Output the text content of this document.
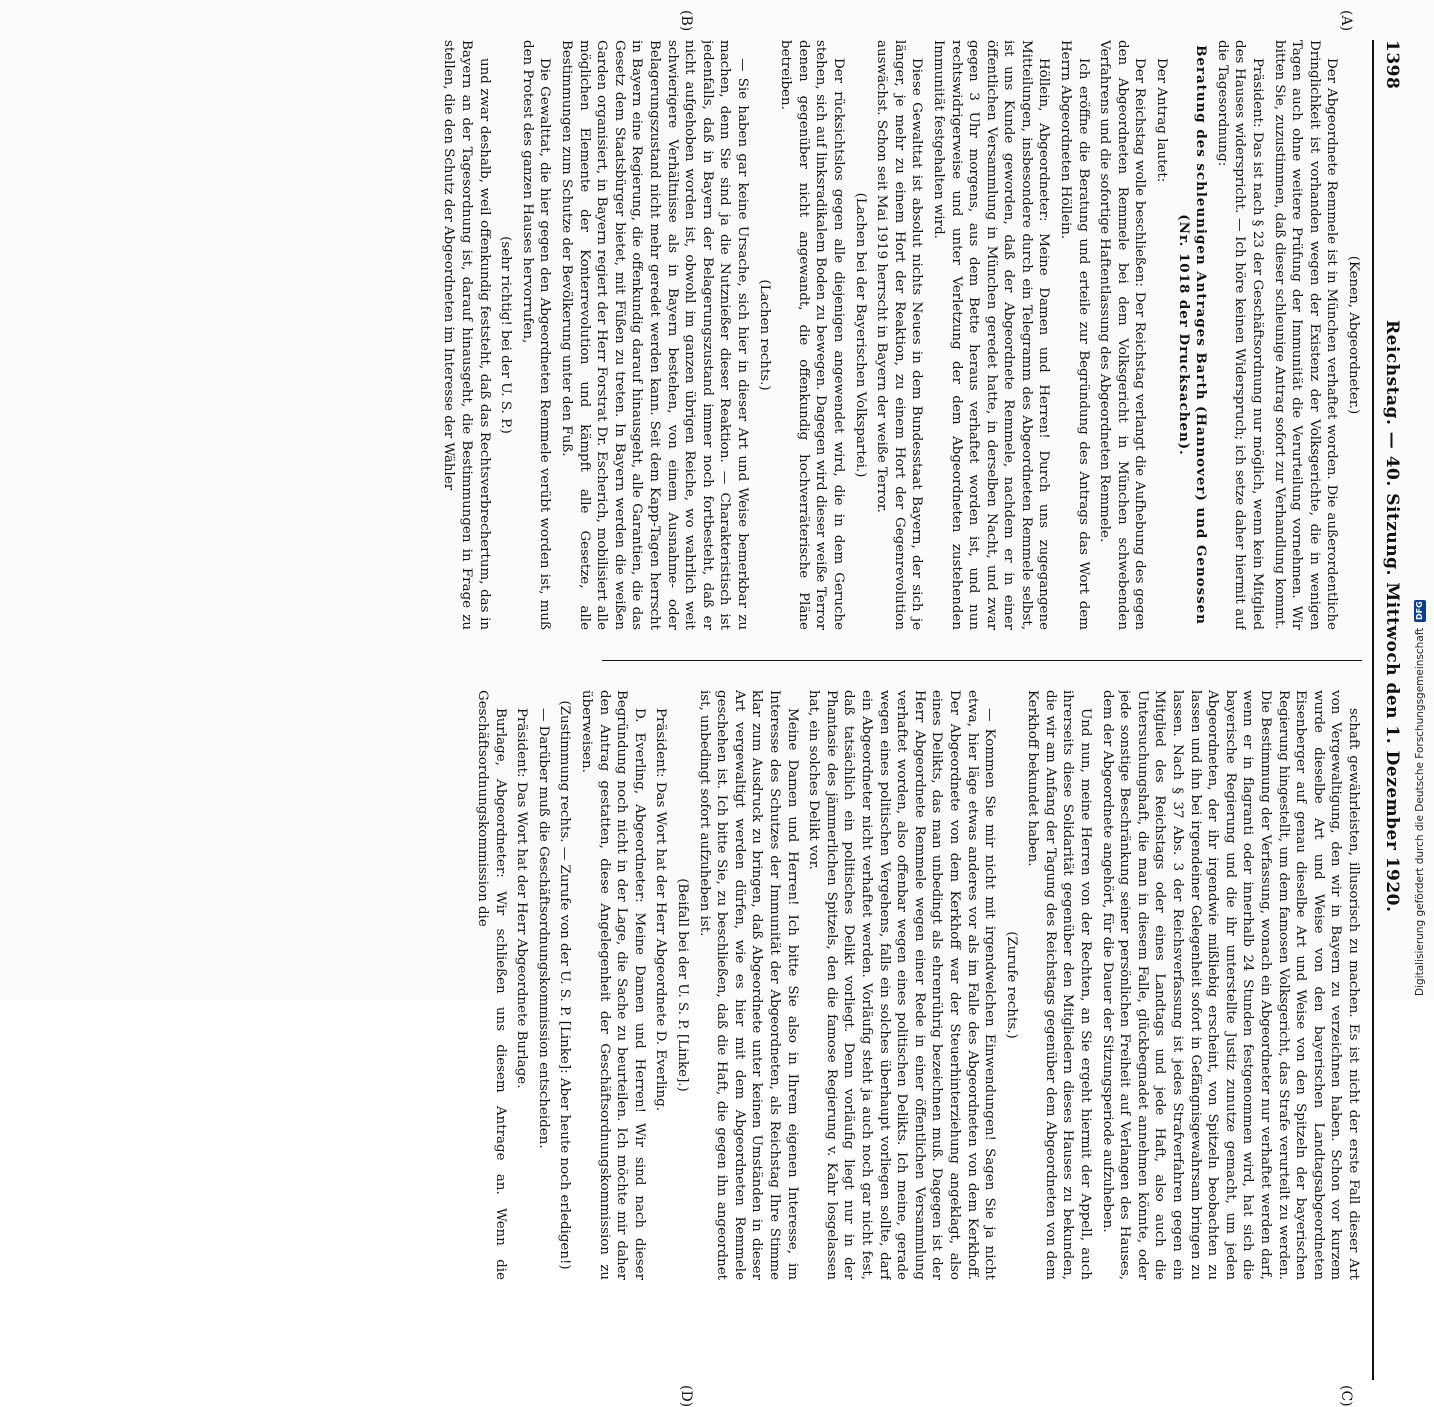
1398
Reichstag. — 40. Sitzung. Mittwoch den 1. Dezember 1920.
(A)
(B)
(C)
(D)

(Kenen, Abgeordneter.)

Der Abgeordnete Remmele ist in München verhaftet worden. Die außerordentliche Dringlichkeit ist vorhanden wegen der Existenz der Volksgerichte, die in wenigen Tagen auch ohne weitere Prüfung der Immunität die Verurteilung vornehmen. Wir bitten Sie, zuzustimmen, daß dieser schleunige Antrag sofort zur Verhandlung kommt.

Präsident: Das ist nach § 23 der Geschäftsordnung nur möglich, wenn kein Mitglied des Hauses widerspricht. — Ich höre keinen Widerspruch; ich setze daher hiermit auf die Tagesordnung:

Beratung des schleunigen Antrages Barth (Hannover) und Genossen (Nr. 1018 der Drucksachen).

Der Antrag lautet:

Der Reichstag wolle beschließen: Der Reichstag verlangt die Aufhebung des gegen den Abgeordneten Remmele bei dem Volksgericht in München schwebenden Verfahrens und die sofortige Haftentlassung des Abgeordneten Remmele.

Ich eröffne die Beratung und erteile zur Begründung des Antrags das Wort dem Herrn Abgeordneten Höllein.

Höllein, Abgeordneter: Meine Damen und Herren! Durch uns zugegangene Mitteilungen, insbesondere durch ein Telegramm des Abgeordneten Remmele selbst, ist uns Kunde geworden, daß der Abgeordnete Remmele, nachdem er in einer öffentlichen Versammlung in München geredet hatte, in derselben Nacht, und zwar gegen 3 Uhr morgens, aus dem Bette heraus verhaftet worden ist, und nun rechtswidrigerweise und unter Verletzung der dem Abgeordneten zustehenden Immunität festgehalten wird.

Diese Gewalttat ist absolut nichts Neues in dem Bundesstaat Bayern, der sich je länger, je mehr zu einem Hort der Reaktion, zu einem Hort der Gegenrevolution auswächst. Schon seit Mai 1919 herrscht in Bayern der weiße Terror.

(Lachen bei der Bayerischen Volkspartei.)

Der rücksichtslos gegen alle diejenigen angewendet wird, die in dem Geruche stehen, sich auf linksradikalem Boden zu bewegen. Dagegen wird dieser weiße Terror denen gegenüber nicht angewandt, die offenkundig hochverräterische Pläne betreiben.

(Lachen rechts.)

— Sie haben gar keine Ursache, sich hier in dieser Art und Weise bemerkbar zu machen, denn Sie sind ja die Nutznießer dieser Reaktion. — Charakteristisch ist jedenfalls, daß in Bayern der Belagerungszustand immer noch fortbesteht, daß er nicht aufgehoben worden ist, obwohl im ganzen übrigen Reiche, wo wahrlich weit schwierigere Verhältnisse als in Bayern bestehen, von einem Ausnahme- oder Belagerungszustand nicht mehr geredet werden kann. Seit dem Kapp-Tagen herrscht in Bayern eine Regierung, die offenkundig darauf hinausgeht, alle Garantien, die das Gesetz dem Staatsbürger bietet, mit Füßen zu treten. In Bayern werden die weißen Garden organisiert, in Bayern regiert der Herr Forstrat Dr. Escherich, mobilisiert alle möglichen Elemente der Konterrevolution und kämpft alle Gesetze, alle Bestimmungen zum Schutze der Bevölkerung unter den Fuß.

Die Gewalttat, die hier gegen den Abgeordneten Remmele verübt worden ist, muß den Protest des ganzen Hauses hervorrufen,

(sehr richtig! bei der U. S. P.)

und zwar deshalb, weil offenkundig feststeht, daß das Rechtsverbrechertum, das in Bayern an der Tagesordnung ist, darauf hinausgeht, die Bestimmungen in Frage zu stellen, die den Schutz der Abgeordneten im Interesse der Wähler

schaft gewährleisten, illusorisch zu machen. Es ist nicht der erste Fall dieser Art von Vergewaltigung, den wir in Bayern zu verzeichnen haben. Schon vor kurzem wurde dieselbe Art und Weise von den bayerischen Landtagsabgeordneten Eisenberger auf genau dieselbe Art und Weise von den Spitzeln der bayerischen Regierung hingestellt, um dem famosen Volksgericht, das Strafe verurteilt zu werden. Die Bestimmung der Verfassung, wonach ein Abgeordneter nur verhaftet werden darf, wenn er in flagranti oder innerhalb 24 Stunden festgenommen wird, hat sich die bayerische Regierung und die ihr unterstellte Justiz zunutze gemacht, um jeden Abgeordneten, der ihr irgendwie mißliebig erscheint, von Spitzeln beobachten zu lassen und ihn bei irgendeiner Gelegenheit sofort in Gefängnisgewahrsam bringen zu lassen. Nach § 37 Abs. 3 der Reichsverfassung ist jedes Strafverfahren gegen ein Mitglied des Reichstags oder eines Landtags und jede Haft, also auch die Untersuchungshaft, die man in diesem Falle, glückbegnadet annehmen könnte, oder jede sonstige Beschränkung seiner persönlichen Freiheit auf Verlangen des Hauses, dem der Abgeordnete angehört, für die Dauer der Sitzungsperiode aufzuheben.

Und nun, meine Herren von der Rechten, an Sie ergeht hiermit der Appell, auch ihrerseits diese Solidarität gegenüber den Mitgliedern dieses Hauses zu bekunden, die wir am Anfang der Tagung des Reichstags gegenüber dem Abgeordneten von dem Kerkhoff bekundet haben.

(Zurufe rechts.)

— Kommen Sie mir nicht mit irgendwelchen Einwendungen! Sagen Sie ja nicht etwa, hier läge etwas anderes vor als im Falle des Abgeordneten von dem Kerkhoff. Der Abgeordnete von dem Kerkhoff war der Steuerhinterziehung angeklagt, also eines Delikts, das man unbedingt als ehrenrührig bezeichnen muß. Dagegen ist der Herr Abgeordnete Remmele wegen einer Rede in einer öffentlichen Versammlung verhaftet worden, also offenbar wegen eines politischen Delikts. Ich meine, gerade wegen eines politischen Vergehens, falls ein solches überhaupt vorliegen sollte, darf ein Abgeordneter nicht verhaftet werden. Vorläufig steht ja auch noch gar nicht fest, daß tatsächlich ein politisches Delikt vorliegt. Denn vorläufig liegt nur in der Phantasie des jämmerlichen Spitzels, den die famose Regierung v. Kahr losgelassen hat, ein solches Delikt vor.

Meine Damen und Herren! Ich bitte Sie also in Ihrem eigenen Interesse, im Interesse des Schutzes der Immunität der Abgeordneten, als Reichstag Ihre Stimme klar zum Ausdruck zu bringen, daß Abgeordnete unter keinen Umständen in dieser Art vergewaltigt werden dürfen, wie es hier mit dem Abgeordneten Remmele geschehen ist. Ich bitte Sie, zu beschließen, daß die Haft, die gegen ihn angeordnet ist, unbedingt sofort aufzuheben ist.

(Beifall bei der U. S. P. [Linke].)

Präsident: Das Wort hat der Herr Abgeordnete D. Everling.

D. Everling, Abgeordneter: Meine Damen und Herren! Wir sind nach dieser Begründung noch nicht in der Lage, die Sache zu beurteilen. Ich möchte mir daher den Antrag gestatten, diese Angelegenheit der Geschäftsordnungskommission zu überweisen.

(Zustimmung rechts. — Zurufe von der U. S. P. [Linke]: Aber heute noch erledigen!)

— Darüber muß die Geschäftsordnungskommission entscheiden.

Präsident: Das Wort hat der Herr Abgeordnete Burlage.

Burlage, Abgeordneter: Wir schließen uns diesem Antrage an. Wenn die Geschäftsordnungskommission die	Digitalisierung gefördert durch die Deutsche Forschungsgemeinschaft
DFG
